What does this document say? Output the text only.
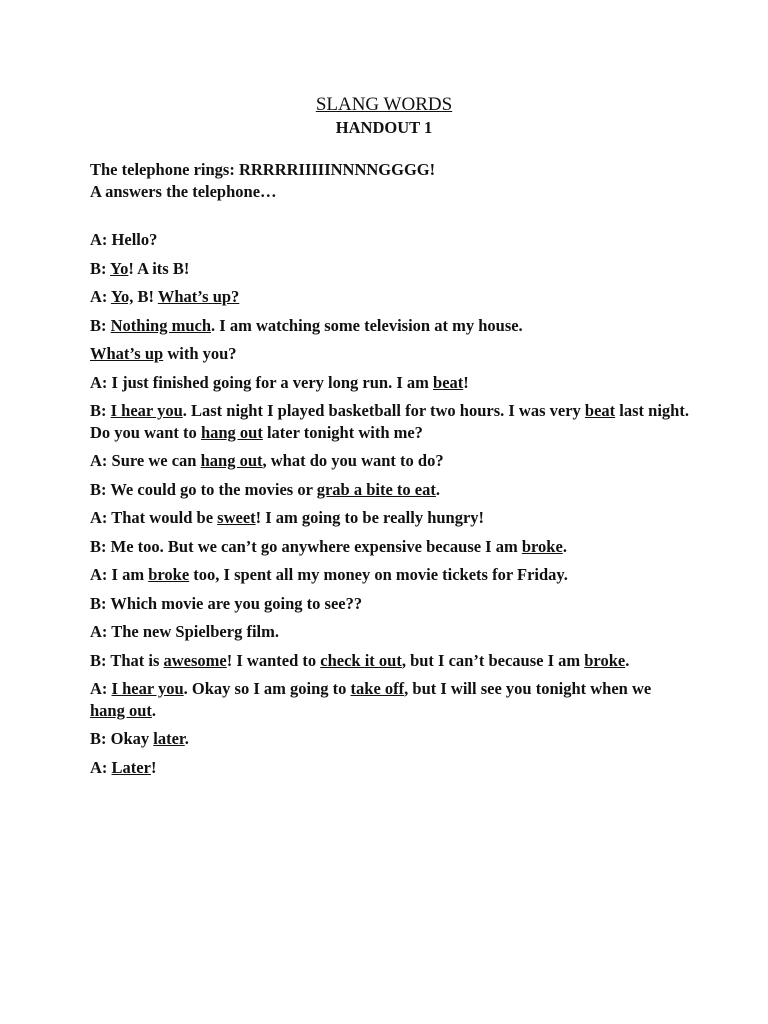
SLANG WORDS
HANDOUT 1
The telephone rings: RRRRRIIIIINNNNGGGG!
A answers the telephone…
A: Hello?
B: Yo! A its B!
A: Yo, B! What’s up?
B: Nothing much. I am watching some television at my house.
What’s up with you?
A: I just finished going for a very long run. I am beat!
B: I hear you. Last night I played basketball for two hours. I was very beat last night. Do you want to hang out later tonight with me?
A: Sure we can hang out, what do you want to do?
B: We could go to the movies or grab a bite to eat.
A: That would be sweet! I am going to be really hungry!
B: Me too. But we can’t go anywhere expensive because I am broke.
A: I am broke too, I spent all my money on movie tickets for Friday.
B: Which movie are you going to see??
A: The new Spielberg film.
B: That is awesome! I wanted to check it out, but I can’t because I am broke.
A: I hear you. Okay so I am going to take off, but I will see you tonight when we hang out.
B: Okay later.
A: Later!
